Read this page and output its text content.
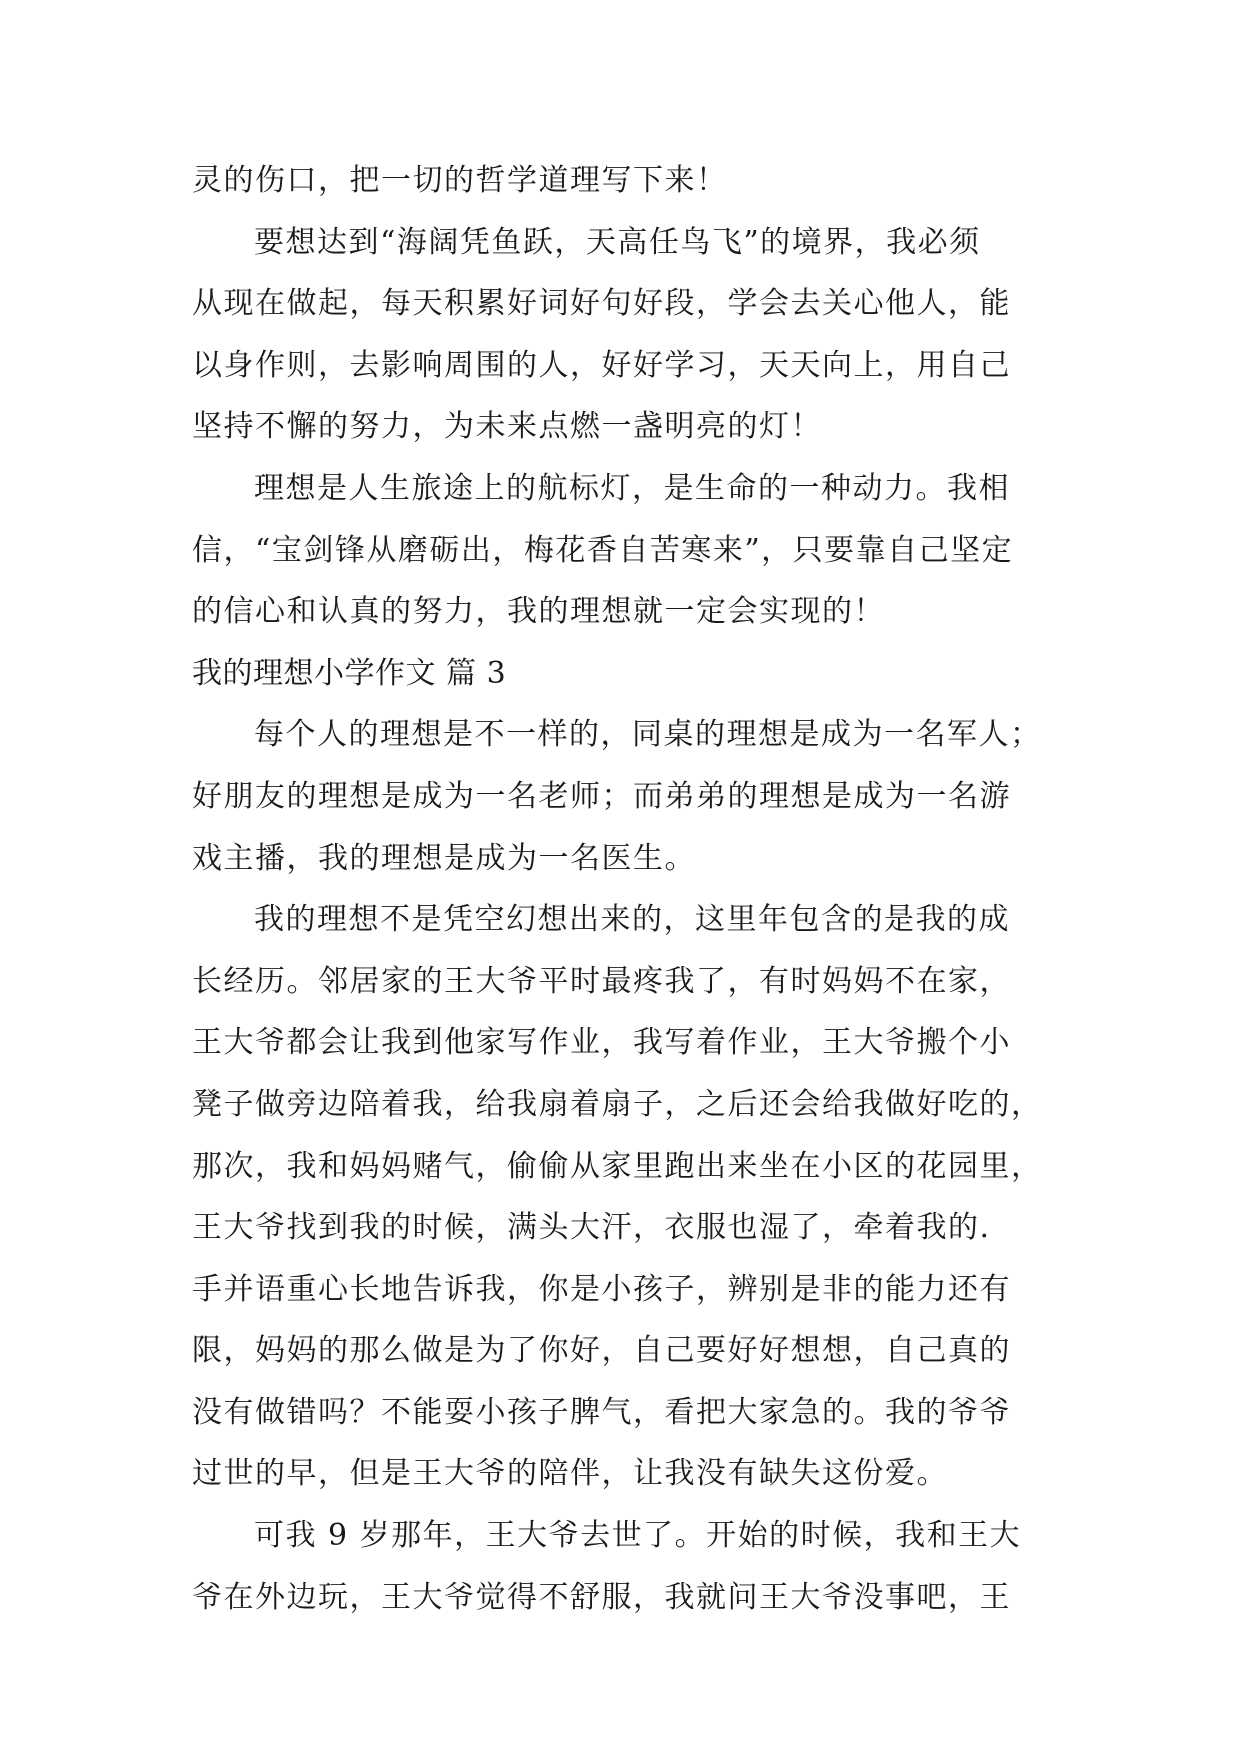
灵的伤口，把一切的哲学道理写下来！
要想达到“海阔凭鱼跃，天高任鸟飞”的境界，我必须
从现在做起，每天积累好词好句好段，学会去关心他人，能
以身作则，去影响周围的人，好好学习，天天向上，用自己
坚持不懈的努力，为未来点燃一盏明亮的灯！
理想是人生旅途上的航标灯，是生命的一种动力。我相
信，“宝剑锋从磨砺出，梅花香自苦寒来”，只要靠自己坚定
的信心和认真的努力，我的理想就一定会实现的！
我的理想小学作文 篇 3
每个人的理想是不一样的，同桌的理想是成为一名军人；
好朋友的理想是成为一名老师；而弟弟的理想是成为一名游
戏主播，我的理想是成为一名医生。
我的理想不是凭空幻想出来的，这里年包含的是我的成
长经历。邻居家的王大爷平时最疼我了，有时妈妈不在家，
王大爷都会让我到他家写作业，我写着作业，王大爷搬个小
凳子做旁边陪着我，给我扇着扇子，之后还会给我做好吃的，
那次，我和妈妈赌气，偷偷从家里跑出来坐在小区的花园里，
王大爷找到我的时候，满头大汗，衣服也湿了，牵着我的.
手并语重心长地告诉我，你是小孩子，辨别是非的能力还有
限，妈妈的那么做是为了你好，自己要好好想想，自己真的
没有做错吗？不能耍小孩子脾气，看把大家急的。我的爷爷
过世的早，但是王大爷的陪伴，让我没有缺失这份爱。
可我 9 岁那年，王大爷去世了。开始的时候，我和王大
爷在外边玩，王大爷觉得不舒服，我就问王大爷没事吧，王
